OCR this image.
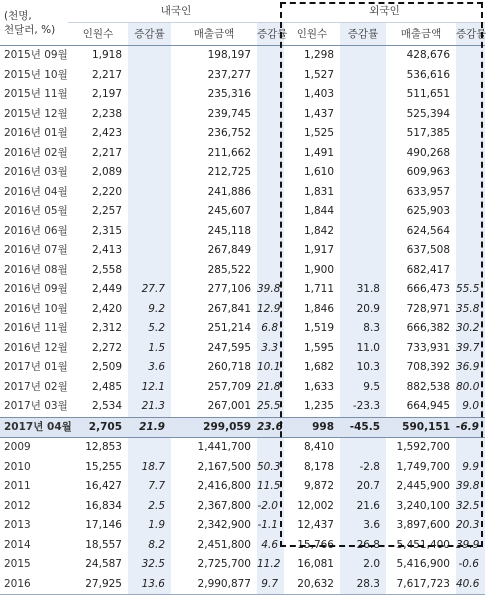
(천명,
천달러, %)	내국인				외국인			
	인원수	증감률	매출금액	증감률	인원수	증감률	매출금액	증감률
2015년 09월	1,918		198,197		1,298		428,676	
2015년 10월	2,217		237,277		1,527		536,616	
2015년 11월	2,197		235,316		1,403		511,651	
2015년 12월	2,238		239,745		1,437		525,394	
2016년 01월	2,423		236,752		1,525		517,385	
2016년 02월	2,217		211,662		1,491		490,268	
2016년 03월	2,089		212,725		1,610		609,963	
2016년 04월	2,220		241,886		1,831		633,957	
2016년 05월	2,257		245,607		1,844		625,903	
2016년 06월	2,315		245,118		1,842		624,564	
2016년 07월	2,413		267,849		1,917		637,508	
2016년 08월	2,558		285,522		1,900		682,417	
2016년 09월	2,449	27.7	277,106	39.8	1,711	31.8	666,473	55.5
2016년 10월	2,420	9.2	267,841	12.9	1,846	20.9	728,971	35.8
2016년 11월	2,312	5.2	251,214	6.8	1,519	8.3	666,382	30.2
2016년 12월	2,272	1.5	247,595	3.3	1,595	11.0	733,931	39.7
2017년 01월	2,509	3.6	260,718	10.1	1,682	10.3	708,392	36.9
2017년 02월	2,485	12.1	257,709	21.8	1,633	9.5	882,538	80.0
2017년 03월	2,534	21.3	267,001	25.5	1,235	-23.3	664,945	9.0
2017년 04월	2,705	21.9	299,059	23.6	998	-45.5	590,151	-6.9
2009	12,853		1,441,700		8,410		1,592,700	
2010	15,255	18.7	2,167,500	50.3	8,178	-2.8	1,749,700	9.9
2011	16,427	7.7	2,416,800	11.5	9,872	20.7	2,445,900	39.8
2012	16,834	2.5	2,367,800	-2.0	12,002	21.6	3,240,100	32.5
2013	17,146	1.9	2,342,900	-1.1	12,437	3.6	3,897,600	20.3
2014	18,557	8.2	2,451,800	4.6	15,766	26.8	5,451,400	39.9
2015	24,587	32.5	2,725,700	11.2	16,081	2.0	5,416,900	-0.6
2016	27,925	13.6	2,990,877	9.7	20,632	28.3	7,617,723	40.6
